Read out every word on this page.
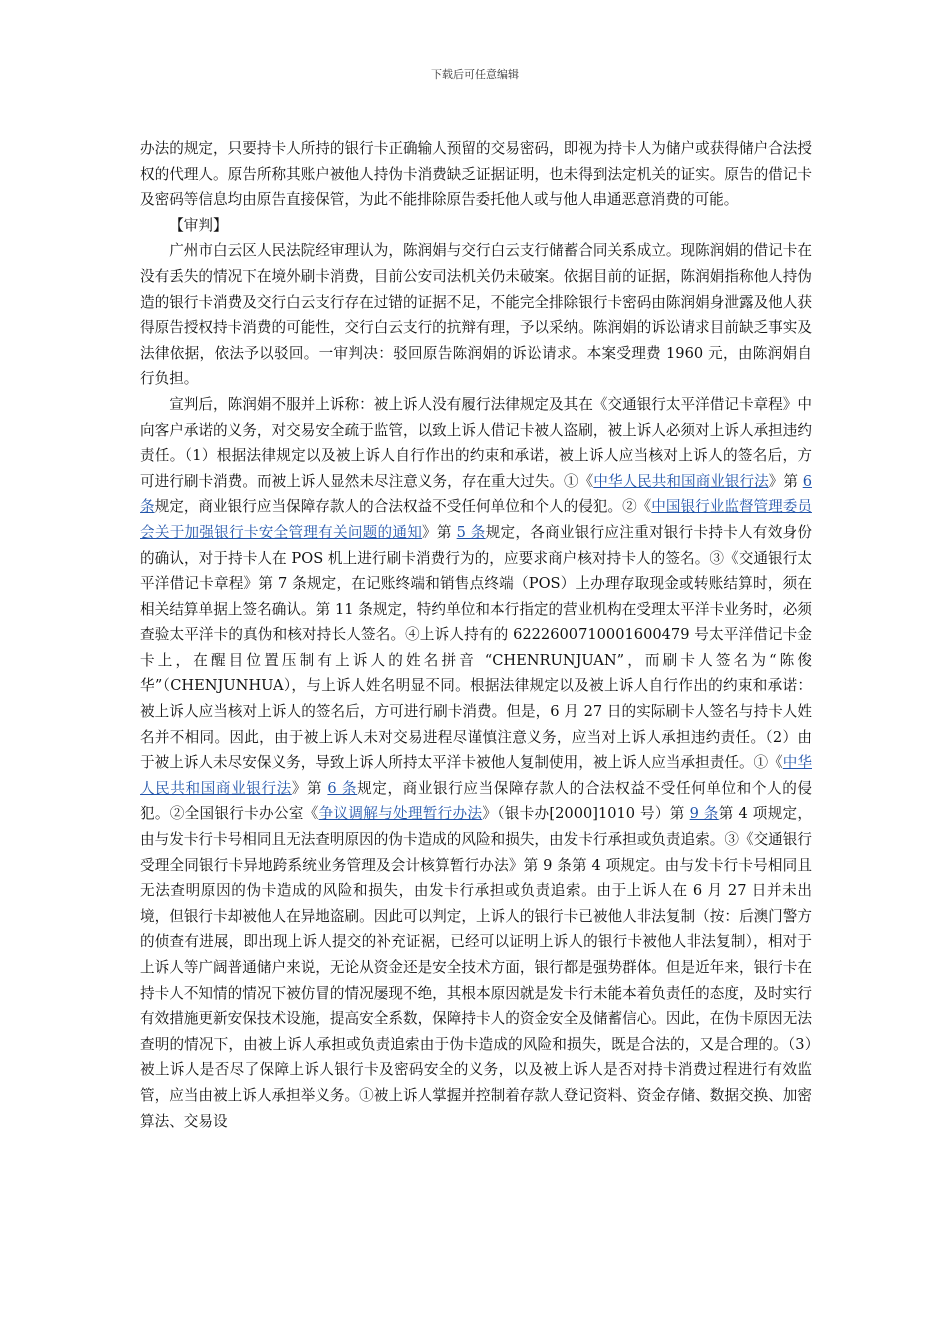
下载后可任意编辑

办法的规定，只要持卡人所持的银行卡正确输人预留的交易密码，即视为持卡人为储户或获得储户合法授权的代理人。原告所称其账户被他人持伪卡消费缺乏证据证明，也未得到法定机关的证实。原告的借记卡及密码等信息均由原告直接保管，为此不能排除原告委托他人或与他人串通恶意消费的可能。

【审判】

广州市白云区人民法院经审理认为，陈润娟与交行白云支行储蓄合同关系成立。现陈润娟的借记卡在没有丢失的情况下在境外刷卡消费，目前公安司法机关仍未破案。依据目前的证据，陈润娟指称他人持伪造的银行卡消费及交行白云支行存在过错的证据不足，不能完全排除银行卡密码由陈润娟身泄露及他人获得原告授权持卡消费的可能性，交行白云支行的抗辩有理，予以采纳。陈润娟的诉讼请求目前缺乏事实及法律依据，依法予以驳回。一审判决：驳回原告陈润娟的诉讼请求。本案受理费 1960 元，由陈润娟自行负担。

宣判后，陈润娟不服并上诉称：被上诉人没有履行法律规定及其在《交通银行太平洋借记卡章程》中向客户承诺的义务，对交易安全疏于监管，以致上诉人借记卡被人盗刷，被上诉人必须对上诉人承担违约责任。（1）根据法律规定以及被上诉人自行作出的约束和承诺，被上诉人应当核对上诉人的签名后，方可进行刷卡消费。而被上诉人显然未尽注意义务，存在重大过失。①《中华人民共和国商业银行法》第 6 条规定，商业银行应当保障存款人的合法权益不受任何单位和个人的侵犯。②《中国银行业监督管理委员会关于加强银行卡安全管理有关问题的通知》第 5 条规定，各商业银行应注重对银行卡持卡人有效身份的确认，对于持卡人在 POS 机上进行刷卡消费行为的，应要求商户核对持卡人的签名。③《交通银行太平洋借记卡章程》第 7 条规定，在记账终端和销售点终端（POS）上办理存取现金或转账结算时，须在相关结算单据上签名确认。第 11 条规定，特约单位和本行指定的营业机构在受理太平洋卡业务时，必须查验太平洋卡的真伪和核对持长人签名。④上诉人持有的 6222600710001600479 号太平洋借记卡金卡上，在醒目位置压制有上诉人的姓名拼音 “CHENRUNJUAN”，而刷卡人签名为“陈俊华”（CHENJUNHUA），与上诉人姓名明显不同。根据法律规定以及被上诉人自行作出的约束和承诺：被上诉人应当核对上诉人的签名后，方可进行刷卡消费。但是，6 月 27 日的实际刷卡人签名与持卡人姓名并不相同。因此，由于被上诉人未对交易进程尽谨慎注意义务，应当对上诉人承担违约责任。（2）由于被上诉人未尽安保义务，导致上诉人所持太平洋卡被他人复制使用，被上诉人应当承担责任。①《中华人民共和国商业银行法》第 6 条规定，商业银行应当保障存款人的合法权益不受任何单位和个人的侵犯。②全国银行卡办公室《争议调解与处理暂行办法》（银卡办[2000]1010 号）第 9 条第 4 项规定，由与发卡行卡号相同且无法查明原因的伪卡造成的风险和损失，由发卡行承担或负责追索。③《交通银行受理全同银行卡异地跨系统业务管理及会计核算暂行办法》第 9 条第 4 项规定。由与发卡行卡号相同且无法查明原因的伪卡造成的风险和损失，由发卡行承担或负责追索。由于上诉人在 6 月 27 日并未出境，但银行卡却被他人在异地盗刷。因此可以判定，上诉人的银行卡已被他人非法复制（按：后澳门警方的侦查有进展，即出现上诉人提交的补充证裾，已经可以证明上诉人的银行卡被他人非法复制），相对于上诉人等广阔普通储户来说，无论从资金还是安全技术方面，银行都是强势群体。但是近年来，银行卡在持卡人不知情的情况下被仿冒的情况屡现不绝，其根本原因就是发卡行未能本着负责任的态度，及时实行有效措施更新安保技术设施，提高安全系数，保障持卡人的资金安全及储蓄信心。因此，在伪卡原因无法查明的情况下，由被上诉人承担或负责追索由于伪卡造成的风险和损失，既是合法的，又是合理的。（3）被上诉人是否尽了保障上诉人银行卡及密码安全的义务，以及被上诉人是否对持卡消费过程进行有效监管，应当由被上诉人承担举义务。①被上诉人掌握并控制着存款人登记资料、资金存储、数据交换、加密算法、交易设
